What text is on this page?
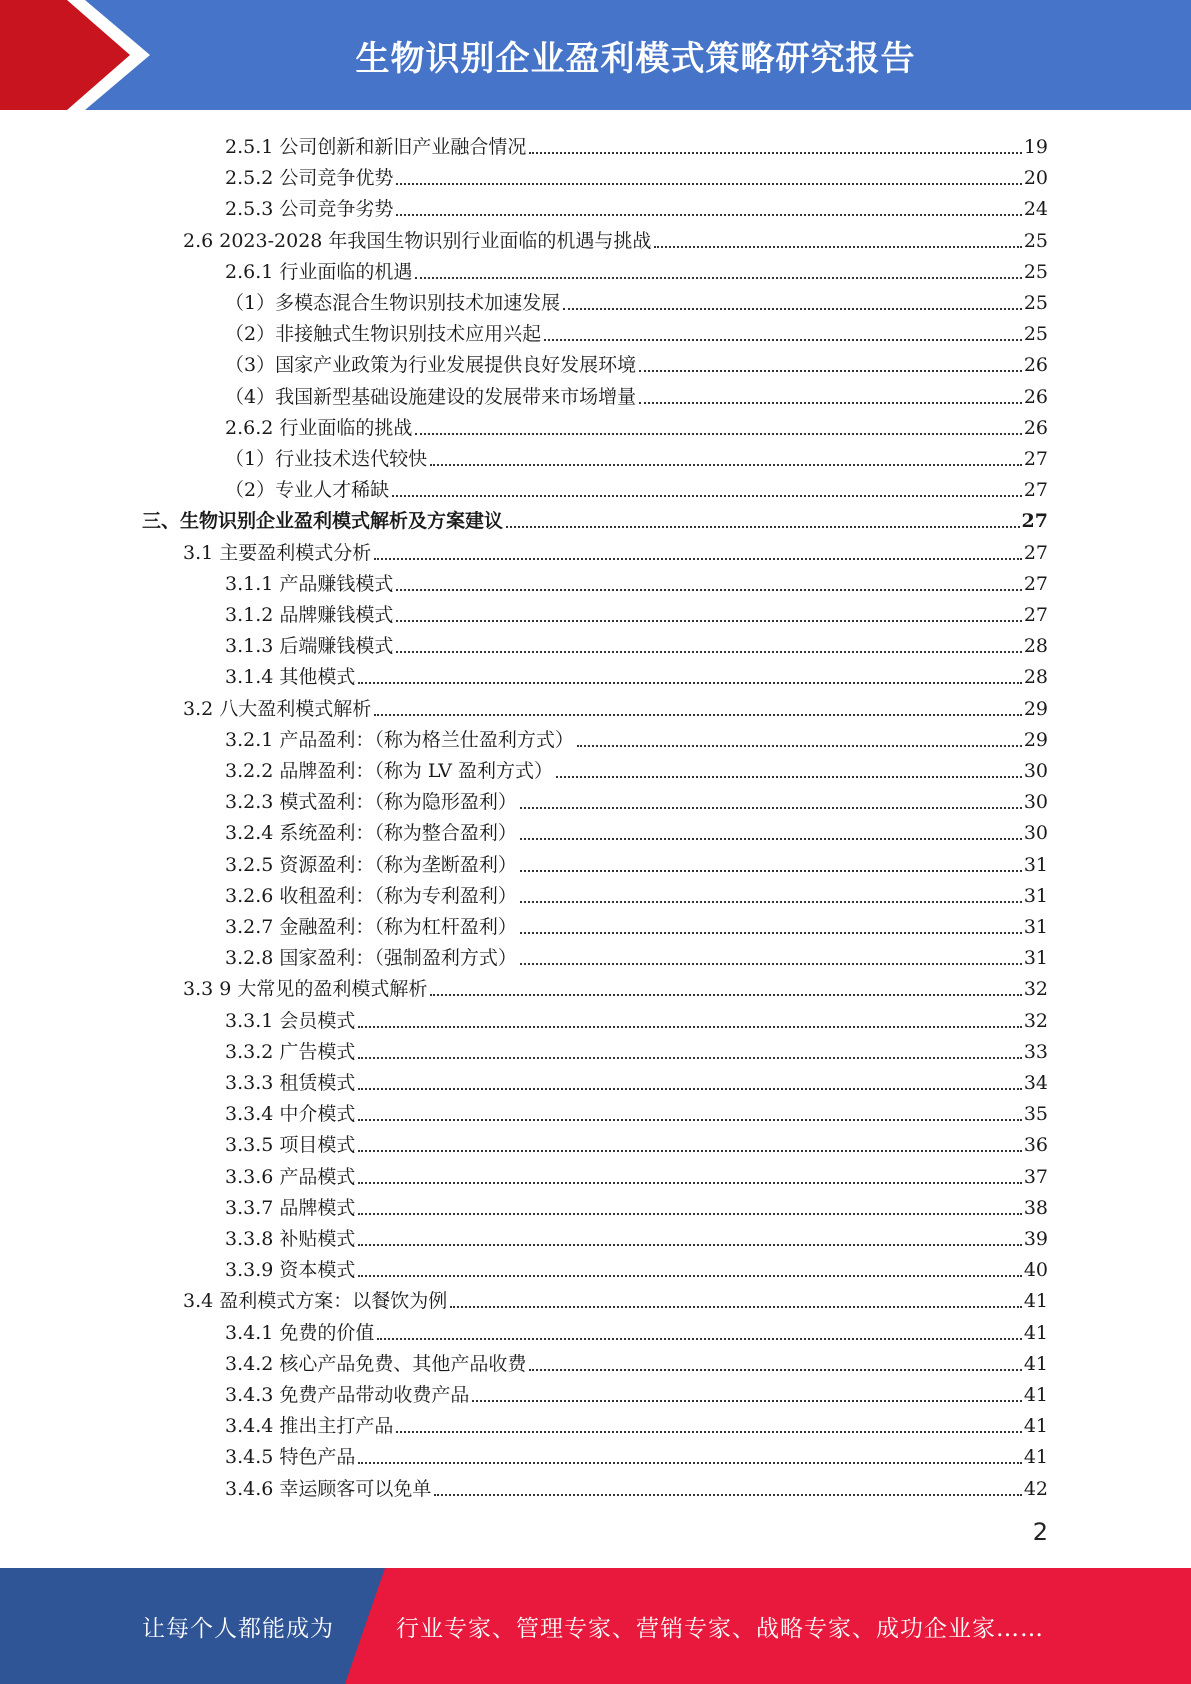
生物识别企业盈利模式策略研究报告
2.5.1 公司创新和新旧产业融合情况	19
2.5.2 公司竞争优势	20
2.5.3 公司竞争劣势	24
2.6 2023-2028 年我国生物识别行业面临的机遇与挑战	25
2.6.1 行业面临的机遇	25
（1）多模态混合生物识别技术加速发展	25
（2）非接触式生物识别技术应用兴起	25
（3）国家产业政策为行业发展提供良好发展环境	26
（4）我国新型基础设施建设的发展带来市场增量	26
2.6.2 行业面临的挑战	26
（1）行业技术迭代较快	27
（2）专业人才稀缺	27
三、生物识别企业盈利模式解析及方案建议	27
3.1 主要盈利模式分析	27
3.1.1 产品赚钱模式	27
3.1.2 品牌赚钱模式	27
3.1.3 后端赚钱模式	28
3.1.4 其他模式	28
3.2 八大盈利模式解析	29
3.2.1 产品盈利：（称为格兰仕盈利方式）	29
3.2.2 品牌盈利：（称为 LV 盈利方式）	30
3.2.3 模式盈利：（称为隐形盈利）	30
3.2.4 系统盈利：（称为整合盈利）	30
3.2.5 资源盈利：（称为垄断盈利）	31
3.2.6 收租盈利：（称为专利盈利）	31
3.2.7 金融盈利：（称为杠杆盈利）	31
3.2.8 国家盈利：（强制盈利方式）	31
3.3 9 大常见的盈利模式解析	32
3.3.1 会员模式	32
3.3.2 广告模式	33
3.3.3 租赁模式	34
3.3.4 中介模式	35
3.3.5 项目模式	36
3.3.6 产品模式	37
3.3.7 品牌模式	38
3.3.8 补贴模式	39
3.3.9 资本模式	40
3.4 盈利模式方案：以餐饮为例	41
3.4.1 免费的价值	41
3.4.2 核心产品免费、其他产品收费	41
3.4.3 免费产品带动收费产品	41
3.4.4 推出主打产品	41
3.4.5 特色产品	41
3.4.6 幸运顾客可以免单	42
2
让每个人都能成为	行业专家、管理专家、营销专家、战略专家、成功企业家……
